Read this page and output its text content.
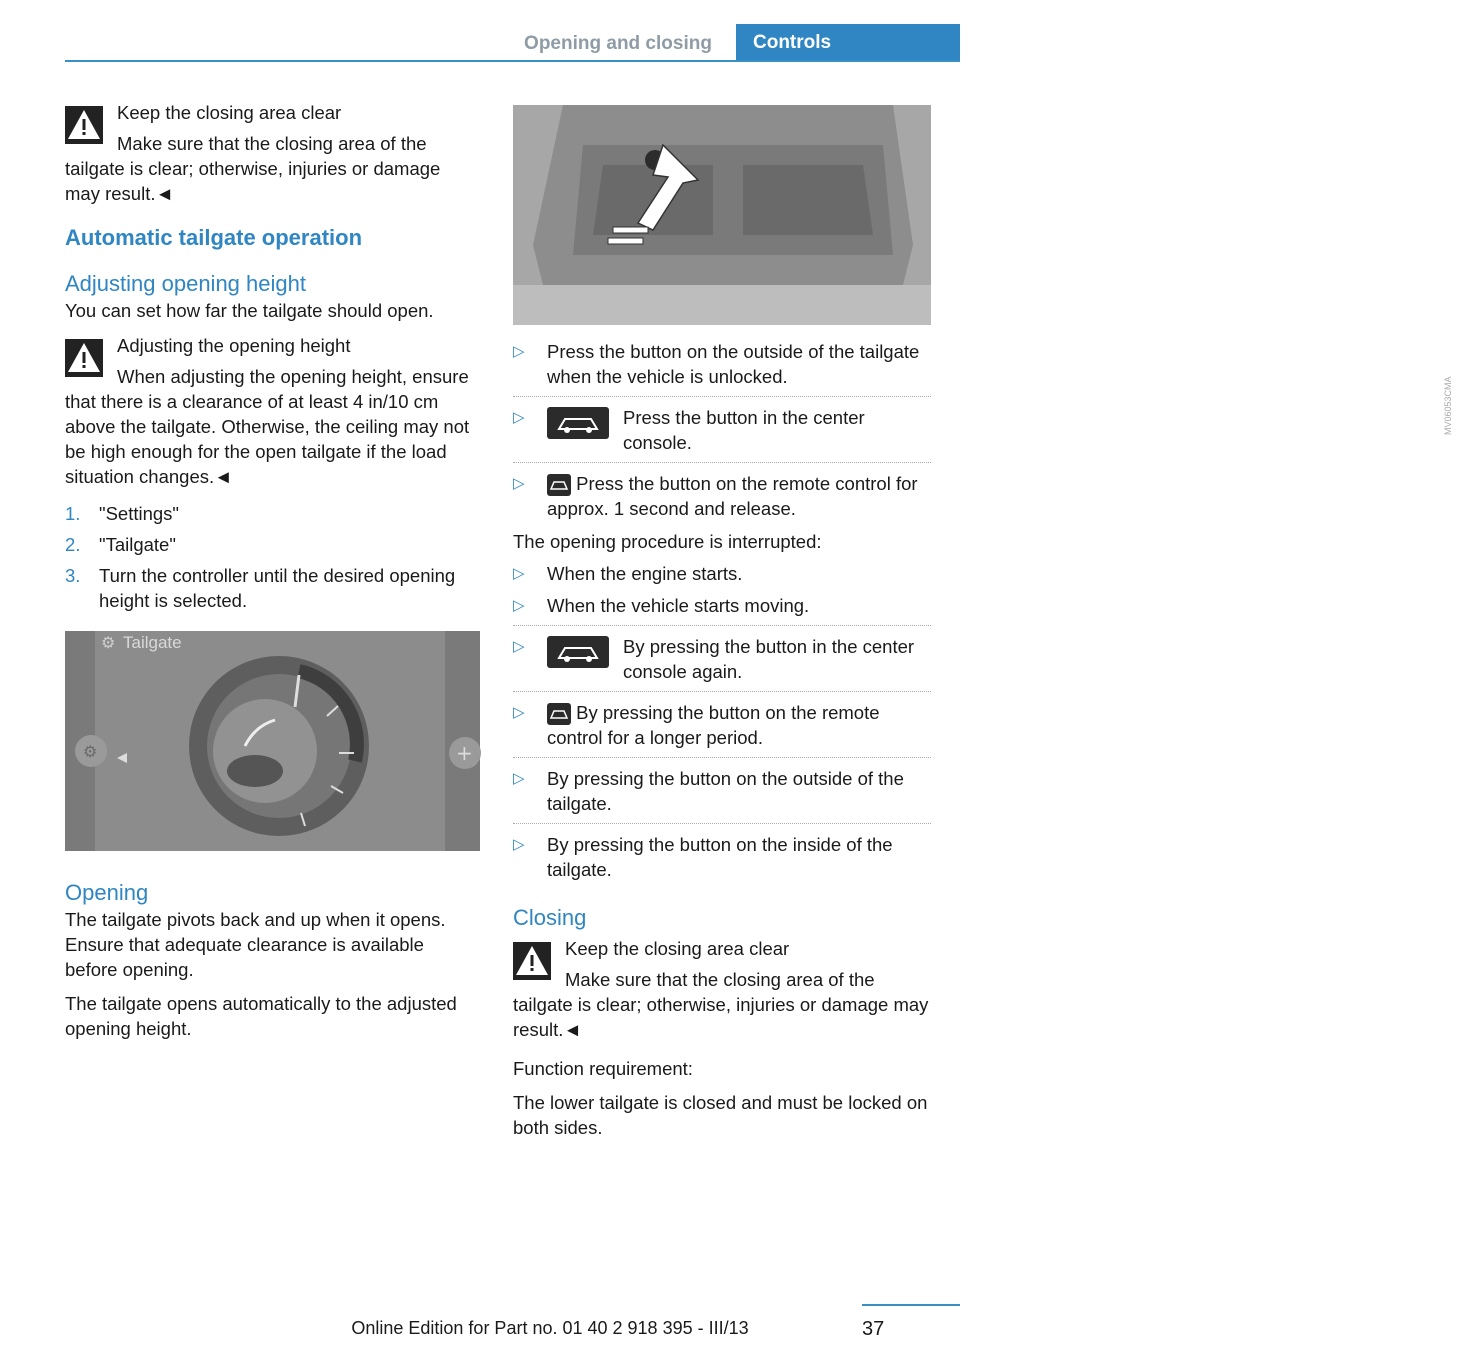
Opening and closing	Controls

Keep the closing area clear

Make sure that the closing area of the tailgate is clear; otherwise, injuries or damage may result.◄

Automatic tailgate operation
Adjusting opening height

You can set how far the tailgate should open.

Adjusting the opening height

When adjusting the opening height, ensure that there is a clearance of at least 4 in/10 cm above the tailgate. Otherwise, the ceiling may not be high enough for the open tailgate if the load situation changes.◄

1. "Settings"
2. "Tailgate"
3. Turn the controller until the desired opening height is selected.
⚙	+
⚙ Tailgate
Opening

The tailgate pivots back and up when it opens. Ensure that adequate clearance is available before opening.

The tailgate opens automatically to the adjusted opening height.

MV06053CMA
▷ Press the button on the outside of the tailgate when the vehicle is unlocked.
▷	Press the button in the center console.
▷	Press the button on the remote control for approx. 1 second and release.

The opening procedure is interrupted:

▷ When the engine starts.
▷ When the vehicle starts moving.
▷	By pressing the button in the center console again.
▷	By pressing the button on the remote control for a longer period.
▷ By pressing the button on the outside of the tailgate.
▷ By pressing the button on the inside of the tailgate.
Closing

Keep the closing area clear

Make sure that the closing area of the tailgate is clear; otherwise, injuries or damage may result.◄

Function requirement:

The lower tailgate is closed and must be locked on both sides.

37
Online Edition for Part no. 01 40 2 918 395 - III/13
